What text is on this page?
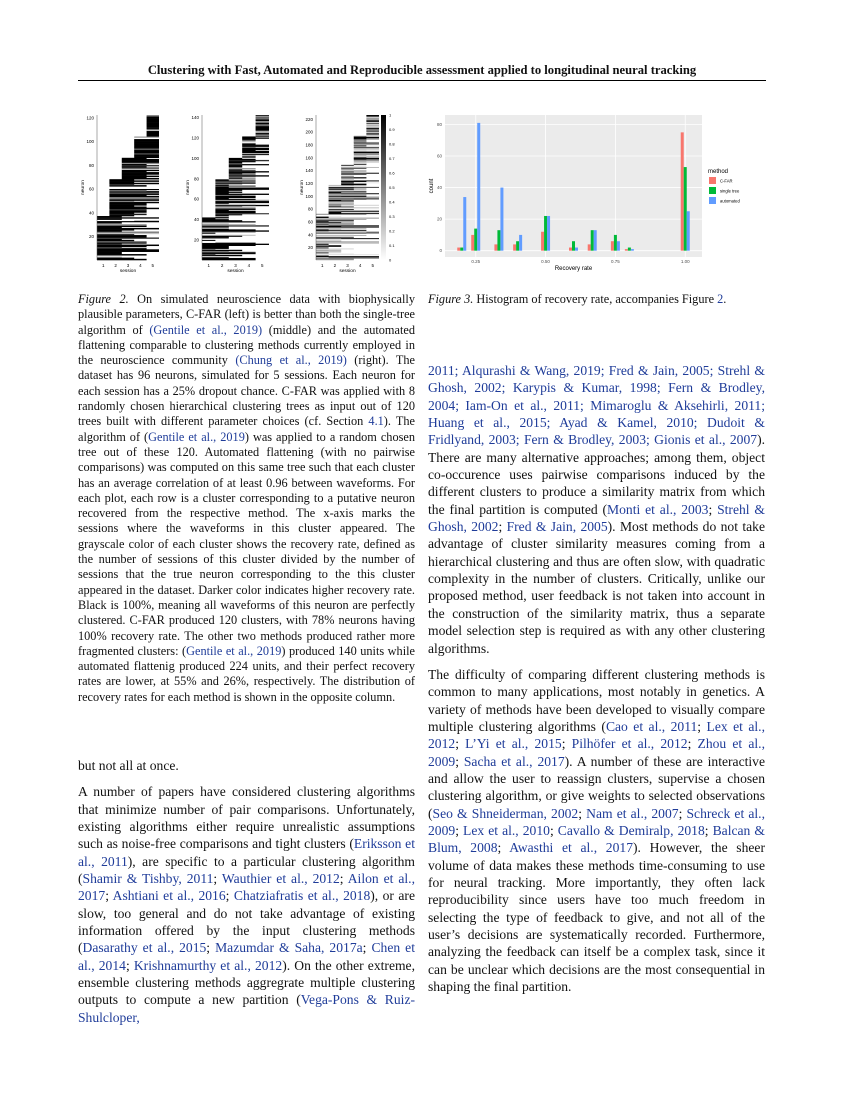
Clustering with Fast, Automated and Reproducible assessment applied to longitudinal neural tracking
20
40
60
80
100
120
1 2 3 4 5
session
neuron
20
40
60
80
100
120
140
1 2 3 4 5
session
neuron
20
40
60
80
100
120
140
160
180
200
220
1 2 3 4 5
session
neuron
0
0.1
0.2
0.3
0.4
0.5
0.6
0.7
0.8
0.9
1
0
20
40
60
80
0.25	0.50	0.75	1.00
Recovery rate
count
method
C-FAR
single tree
automated
Figure 2. On simulated neuroscience data with biophysically plausible parameters, C-FAR (left) is better than both the single-tree algorithm of (Gentile et al., 2019) (middle) and the automated flattening comparable to clustering methods currently employed in the neuroscience community (Chung et al., 2019) (right). The dataset has 96 neurons, simulated for 5 sessions. Each neuron for each session has a 25% dropout chance. C-FAR was applied with 8 randomly chosen hierarchical clustering trees as input out of 120 trees built with different parameter choices (cf. Section 4.1). The algorithm of (Gentile et al., 2019) was applied to a random chosen tree out of these 120. Automated flattening (with no pairwise comparisons) was computed on this same tree such that each cluster has an average correlation of at least 0.96 between waveforms. For each plot, each row is a cluster corresponding to a putative neuron recovered from the respective method. The x-axis marks the sessions where the waveforms in this cluster appeared. The grayscale color of each cluster shows the recovery rate, defined as the number of sessions of this cluster divided by the number of sessions that the true neuron corresponding to the this cluster appeared in the dataset. Darker color indicates higher recovery rate. Black is 100%, meaning all waveforms of this neuron are perfectly clustered. C-FAR produced 120 clusters, with 78% neurons having 100% recovery rate. The other two methods produced rather more fragmented clusters: (Gentile et al., 2019) produced 140 units while automated flattenig produced 224 units, and their perfect recovery rates are lower, at 55% and 26%, respectively. The distribution of recovery rates for each method is shown in the opposite column.
Figure 3. Histogram of recovery rate, accompanies Figure 2.

but not all at once.

A number of papers have considered clustering algorithms that minimize number of pair comparisons. Unfortunately, existing algorithms either require unrealistic assumptions such as noise-free comparisons and tight clusters (Eriksson et al., 2011), are specific to a particular clustering algorithm (Shamir & Tishby, 2011; Wauthier et al., 2012; Ailon et al., 2017; Ashtiani et al., 2016; Chatziafratis et al., 2018), or are slow, too general and do not take advantage of existing information offered by the input clustering methods (Dasarathy et al., 2015; Mazumdar & Saha, 2017a; Chen et al., 2014; Krishnamurthy et al., 2012). On the other extreme, ensemble clustering methods aggregrate multiple clustering outputs to compute a new partition (Vega-Pons & Ruiz-Shulcloper,

2011; Alqurashi & Wang, 2019; Fred & Jain, 2005; Strehl & Ghosh, 2002; Karypis & Kumar, 1998; Fern & Brodley, 2004; Iam-On et al., 2011; Mimaroglu & Aksehirli, 2011; Huang et al., 2015; Ayad & Kamel, 2010; Dudoit & Fridlyand, 2003; Fern & Brodley, 2003; Gionis et al., 2007). There are many alternative approaches; among them, object co-occurence uses pairwise comparisons induced by the different clusters to produce a similarity matrix from which the final partition is computed (Monti et al., 2003; Strehl & Ghosh, 2002; Fred & Jain, 2005). Most methods do not take advantage of cluster similarity measures coming from a hierarchical clustering and thus are often slow, with quadratic complexity in the number of clusters. Critically, unlike our proposed method, user feedback is not taken into account in the construction of the similarity matrix, thus a separate model selection step is required as with any other clustering algorithms.

The difficulty of comparing different clustering methods is common to many applications, most notably in genetics. A variety of methods have been developed to visually compare multiple clustering algorithms (Cao et al., 2011; Lex et al., 2012; L’Yi et al., 2015; Pilhöfer et al., 2012; Zhou et al., 2009; Sacha et al., 2017). A number of these are interactive and allow the user to reassign clusters, supervise a chosen clustering algorithm, or give weights to selected observations (Seo & Shneiderman, 2002; Nam et al., 2007; Schreck et al., 2009; Lex et al., 2010; Cavallo & Demiralp, 2018; Balcan & Blum, 2008; Awasthi et al., 2017). However, the sheer volume of data makes these methods time-consuming to use for neural tracking. More importantly, they often lack reproducibility since users have too much freedom in selecting the type of feedback to give, and not all of the user’s decisions are systematically recorded. Furthermore, analyzing the feedback can itself be a complex task, since it can be unclear which decisions are the most consequential in shaping the final partition.
